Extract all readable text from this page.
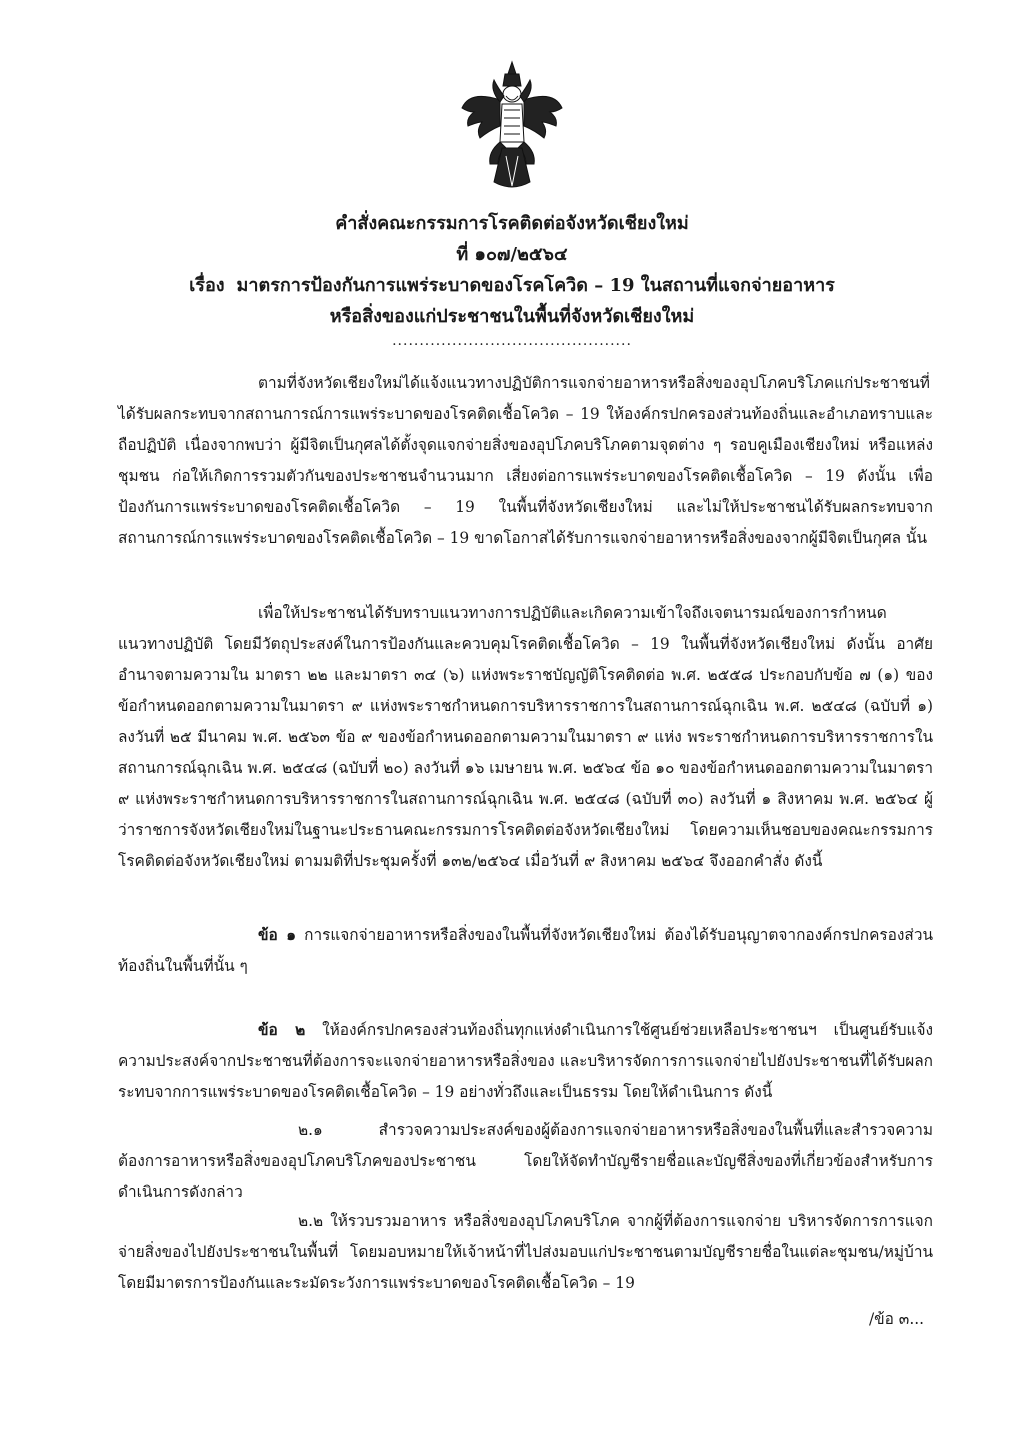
คำสั่งคณะกรรมการโรคติดต่อจังหวัดเชียงใหม่
ที่ ๑๐๗/๒๕๖๔
เรื่อง มาตรการป้องกันการแพร่ระบาดของโรคโควิด – 19 ในสถานที่แจกจ่ายอาหาร
หรือสิ่งของแก่ประชาชนในพื้นที่จังหวัดเชียงใหม่
............................................
ตามที่จังหวัดเชียงใหม่ได้แจ้งแนวทางปฏิบัติการแจกจ่ายอาหารหรือสิ่งของอุปโภคบริโภคแก่ประชาชนที่ได้รับผลกระทบจากสถานการณ์การแพร่ระบาดของโรคติดเชื้อโควิด – 19 ให้องค์กรปกครองส่วนท้องถิ่นและอำเภอทราบและถือปฏิบัติ เนื่องจากพบว่า ผู้มีจิตเป็นกุศลได้ตั้งจุดแจกจ่ายสิ่งของอุปโภคบริโภคตามจุดต่าง ๆ รอบคูเมืองเชียงใหม่ หรือแหล่งชุมชน ก่อให้เกิดการรวมตัวกันของประชาชนจำนวนมาก เสี่ยงต่อการแพร่ระบาดของโรคติดเชื้อโควิด – 19 ดังนั้น เพื่อป้องกันการแพร่ระบาดของโรคติดเชื้อโควิด – 19 ในพื้นที่จังหวัดเชียงใหม่ และไม่ให้ประชาชนได้รับผลกระทบจากสถานการณ์การแพร่ระบาดของโรคติดเชื้อโควิด – 19 ขาดโอกาสได้รับการแจกจ่ายอาหารหรือสิ่งของจากผู้มีจิตเป็นกุศล นั้น
เพื่อให้ประชาชนได้รับทราบแนวทางการปฏิบัติและเกิดความเข้าใจถึงเจตนารมณ์ของการกำหนดแนวทางปฏิบัติ โดยมีวัตถุประสงค์ในการป้องกันและควบคุมโรคติดเชื้อโควิด – 19 ในพื้นที่จังหวัดเชียงใหม่ ดังนั้น อาศัยอำนาจตามความใน มาตรา ๒๒ และมาตรา ๓๔ (๖) แห่งพระราชบัญญัติโรคติดต่อ พ.ศ. ๒๕๕๘ ประกอบกับข้อ ๗ (๑) ของข้อกำหนดออกตามความในมาตรา ๙ แห่งพระราชกำหนดการบริหารราชการในสถานการณ์ฉุกเฉิน พ.ศ. ๒๕๔๘ (ฉบับที่ ๑) ลงวันที่ ๒๕ มีนาคม พ.ศ. ๒๕๖๓ ข้อ ๙ ของข้อกำหนดออกตามความในมาตรา ๙ แห่ง พระราชกำหนดการบริหารราชการในสถานการณ์ฉุกเฉิน พ.ศ. ๒๕๔๘ (ฉบับที่ ๒๐) ลงวันที่ ๑๖ เมษายน พ.ศ. ๒๕๖๔ ข้อ ๑๐ ของข้อกำหนดออกตามความในมาตรา ๙ แห่งพระราชกำหนดการบริหารราชการในสถานการณ์ฉุกเฉิน พ.ศ. ๒๕๔๘ (ฉบับที่ ๓๐) ลงวันที่ ๑ สิงหาคม พ.ศ. ๒๕๖๔ ผู้ว่าราชการจังหวัดเชียงใหม่ในฐานะประธานคณะกรรมการโรคติดต่อจังหวัดเชียงใหม่ โดยความเห็นชอบของคณะกรรมการโรคติดต่อจังหวัดเชียงใหม่ ตามมติที่ประชุมครั้งที่ ๑๓๒/๒๕๖๔ เมื่อวันที่ ๙ สิงหาคม ๒๕๖๔ จึงออกคำสั่ง ดังนี้
ข้อ ๑ การแจกจ่ายอาหารหรือสิ่งของในพื้นที่จังหวัดเชียงใหม่ ต้องได้รับอนุญาตจากองค์กรปกครองส่วนท้องถิ่นในพื้นที่นั้น ๆ
ข้อ ๒ ให้องค์กรปกครองส่วนท้องถิ่นทุกแห่งดำเนินการใช้ศูนย์ช่วยเหลือประชาชนฯ เป็นศูนย์รับแจ้งความประสงค์จากประชาชนที่ต้องการจะแจกจ่ายอาหารหรือสิ่งของ และบริหารจัดการการแจกจ่ายไปยังประชาชนที่ได้รับผลกระทบจากการแพร่ระบาดของโรคติดเชื้อโควิด – 19 อย่างทั่วถึงและเป็นธรรม โดยให้ดำเนินการ ดังนี้
๒.๑ สำรวจความประสงค์ของผู้ต้องการแจกจ่ายอาหารหรือสิ่งของในพื้นที่และสำรวจความต้องการอาหารหรือสิ่งของอุปโภคบริโภคของประชาชน โดยให้จัดทำบัญชีรายชื่อและบัญชีสิ่งของที่เกี่ยวข้องสำหรับการดำเนินการดังกล่าว
๒.๒ ให้รวบรวมอาหาร หรือสิ่งของอุปโภคบริโภค จากผู้ที่ต้องการแจกจ่าย บริหารจัดการการแจกจ่ายสิ่งของไปยังประชาชนในพื้นที่ โดยมอบหมายให้เจ้าหน้าที่ไปส่งมอบแก่ประชาชนตามบัญชีรายชื่อในแต่ละชุมชน/หมู่บ้าน โดยมีมาตรการป้องกันและระมัดระวังการแพร่ระบาดของโรคติดเชื้อโควิด – 19
/ข้อ ๓...
